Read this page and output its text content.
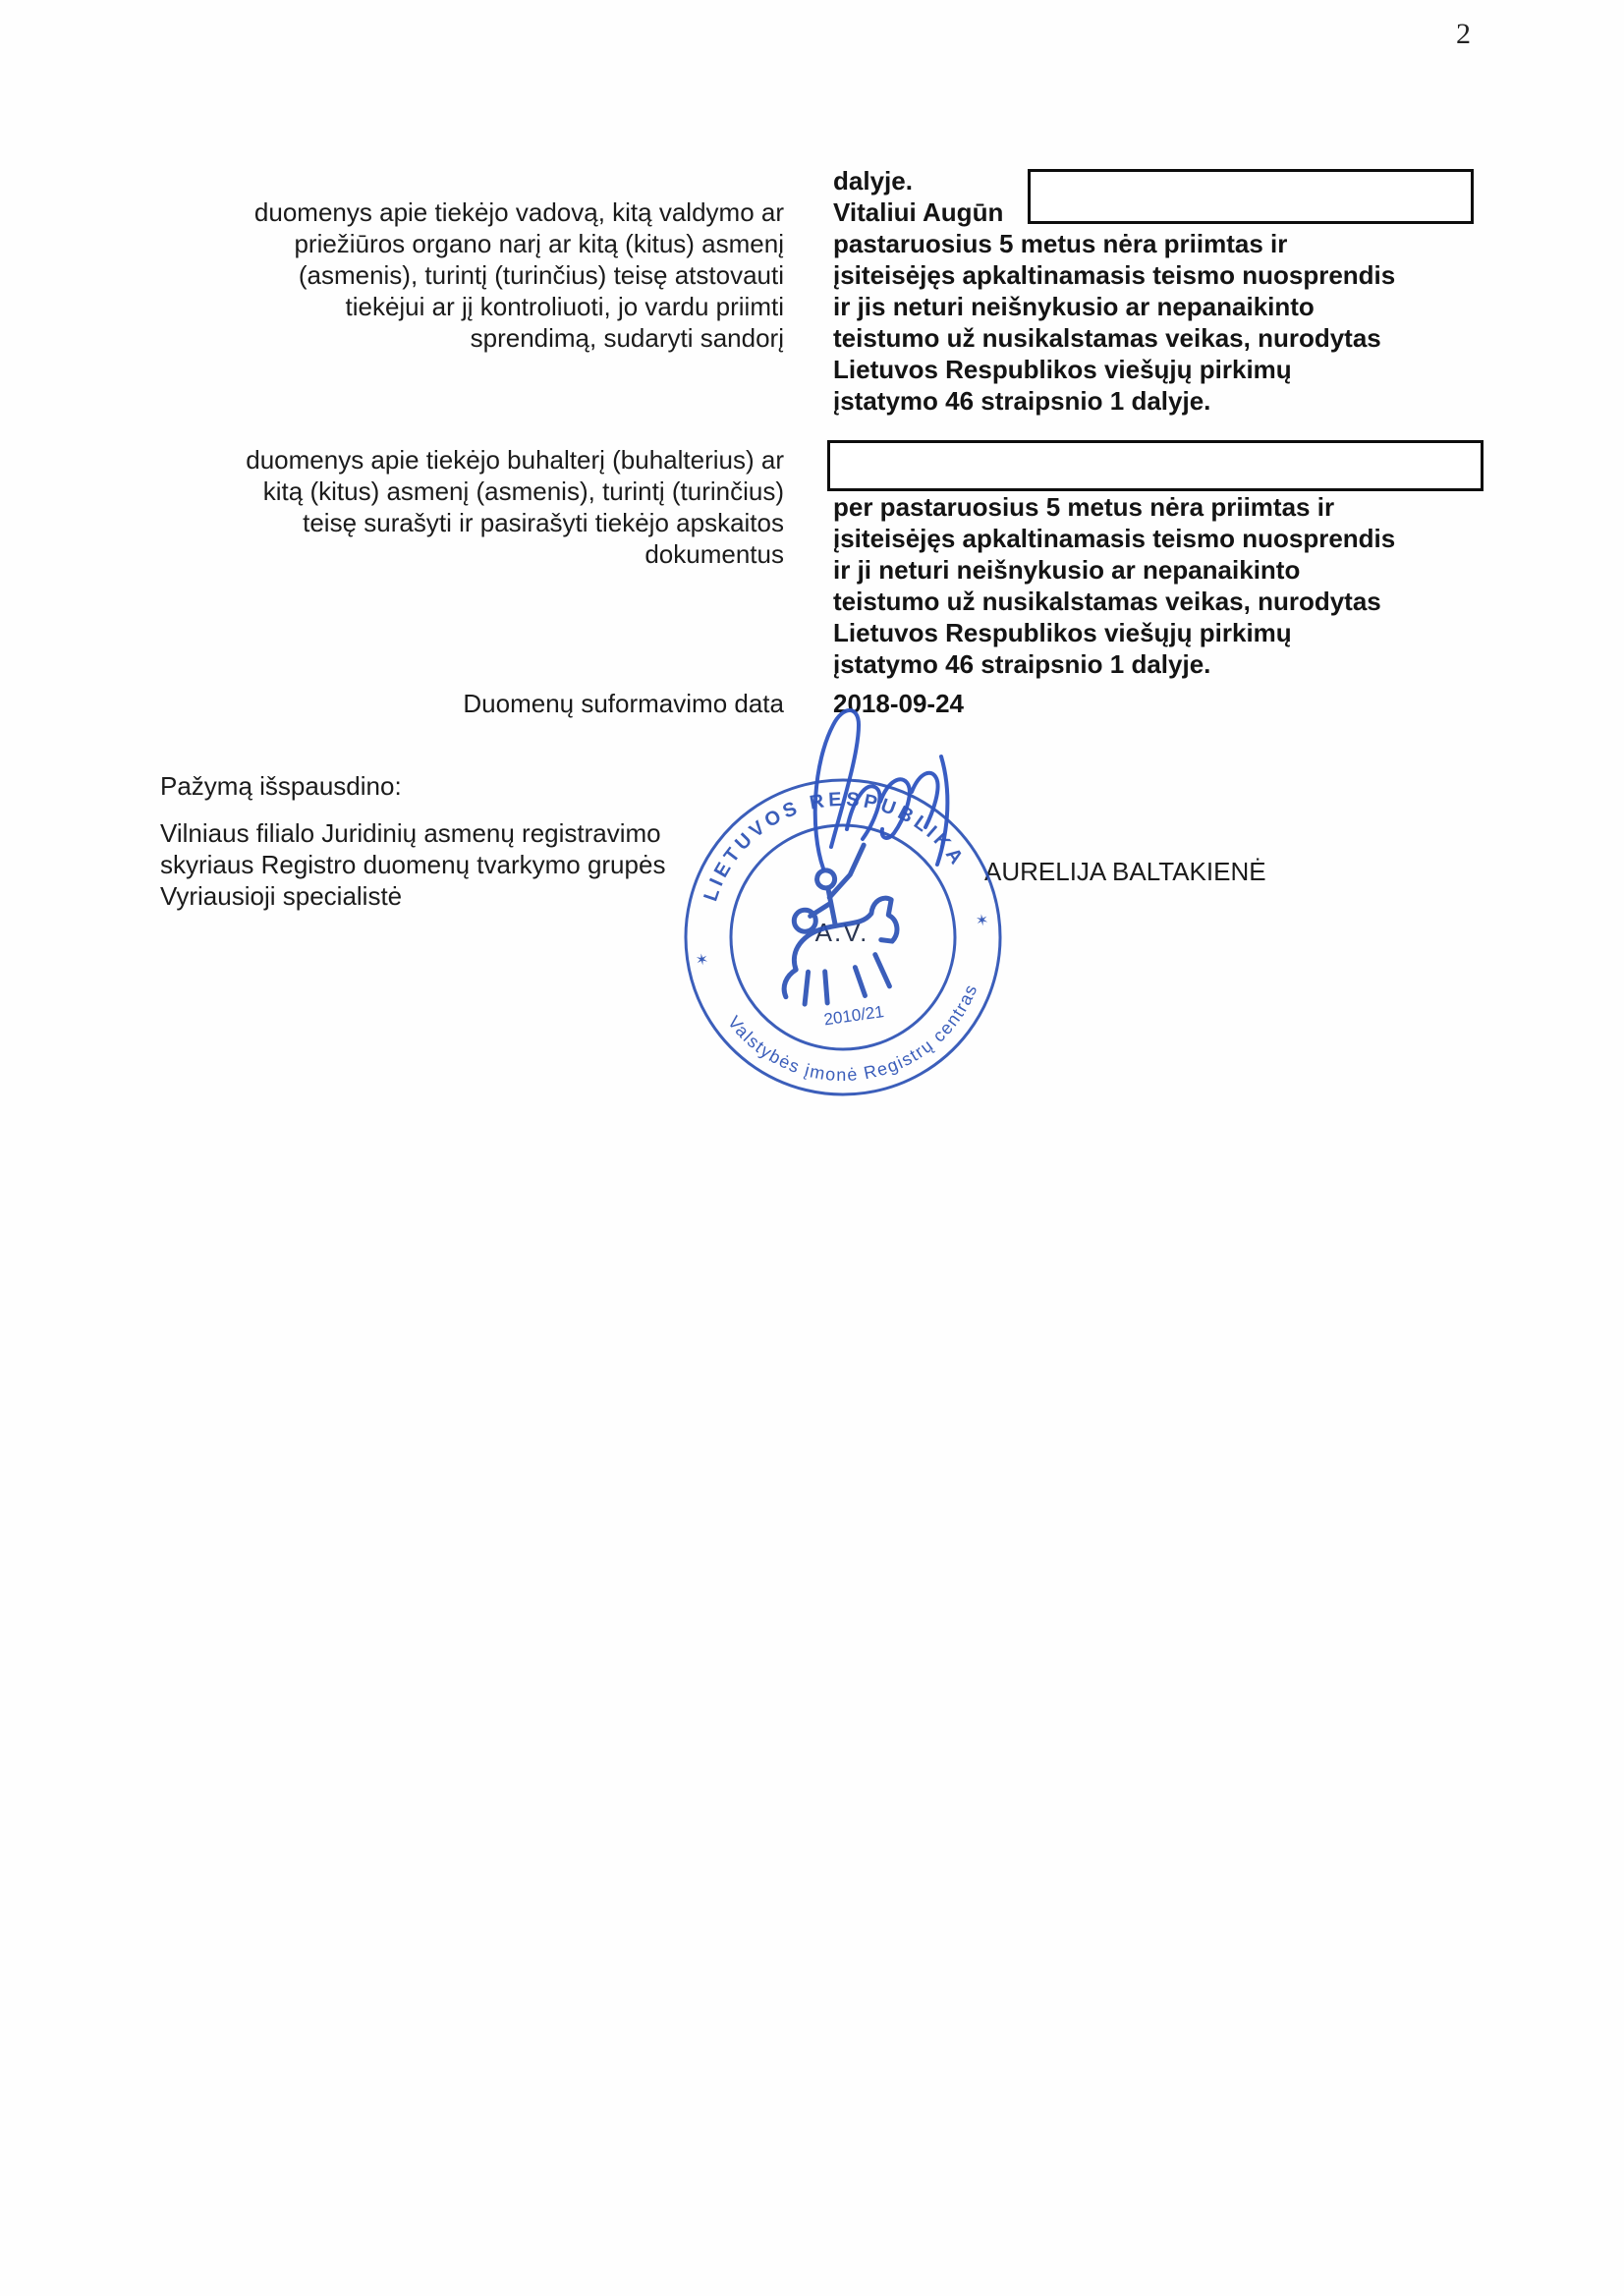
2
dalyje.
duomenys apie tiekėjo vadovą, kitą valdymo ar
priežiūros organo narį ar kitą (kitus) asmenį
(asmenis), turintį (turinčius) teisę atstovauti
tiekėjui ar jį kontroliuoti, jo vardu priimti
sprendimą, sudaryti sandorį
Vitaliui Augūn
pastaruosius 5 metus nėra priimtas ir
įsiteisėjęs apkaltinamasis teismo nuosprendis
ir jis neturi neišnykusio ar nepanaikinto
teistumo už nusikalstamas veikas, nurodytas
Lietuvos Respublikos viešųjų pirkimų
įstatymo 46 straipsnio 1 dalyje.
duomenys apie tiekėjo buhalterį (buhalterius) ar
kitą (kitus) asmenį (asmenis), turintį (turinčius)
teisę surašyti ir pasirašyti tiekėjo apskaitos
dokumentus
per pastaruosius 5 metus nėra priimtas ir
įsiteisėjęs apkaltinamasis teismo nuosprendis
ir ji neturi neišnykusio ar nepanaikinto
teistumo už nusikalstamas veikas, nurodytas
Lietuvos Respublikos viešųjų pirkimų
įstatymo 46 straipsnio 1 dalyje.
Duomenų suformavimo data 2018-09-24
Pažymą išspausdino:
Vilniaus filialo Juridinių asmenų registravimo
skyriaus Registro duomenų tvarkymo grupės
Vyriausioji specialistė
AURELIJA BALTAKIENĖ
A.V.
LIETUVOS RESPUBLIKA
Valstybės įmonė Registrų centras
✶
✶
2010/21
